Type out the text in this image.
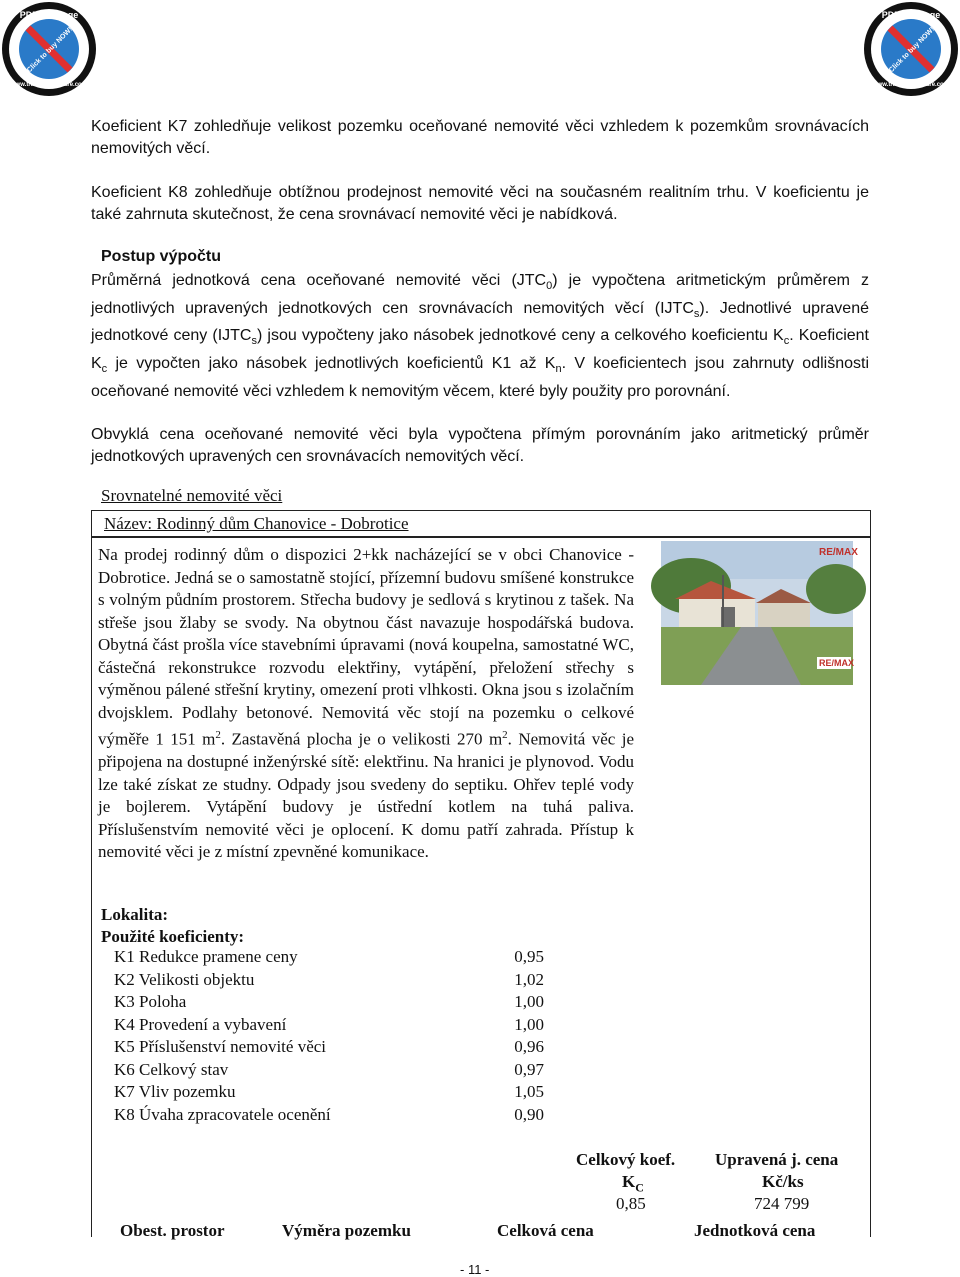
PDF-Xchange
Click to buy NOW!
www.tracker-software.com
PDF-Xchange
Click to buy NOW!
www.tracker-software.com

Koeficient K7 zohledňuje velikost pozemku oceňované nemovité věci vzhledem k pozemkům srovnávacích nemovitých věcí.

Koeficient K8 zohledňuje obtížnou prodejnost nemovité věci na současném realitním trhu. V koeficientu je také zahrnuta skutečnost, že cena srovnávací nemovité věci je nabídková.

Postup výpočtu

Průměrná jednotková cena oceňované nemovité věci $(JTC_0)$ je vypočtena aritmetickým průměrem z jednotlivých upravených jednotkových cen srovnávacích nemovitých věcí $(IJTC_s)$. Jednotlivé upravené jednotkové ceny $(IJTC_s)$ jsou vypočteny jako násobek jednotkové ceny a celkového koeficientu $K_c$. Koeficient $K_c$ je vypočten jako násobek jednotlivých koeficientů K1 až $K_n$. V koeficientech jsou zahrnuty odlišnosti oceňované nemovité věci vzhledem k nemovitým věcem, které byly použity pro porovnání.

Obvyklá cena oceňované nemovité věci byla vypočtena přímým porovnáním jako aritmetický průměr jednotkových upravených cen srovnávacích nemovitých věcí.

Srovnatelné nemovité věci
Název: Rodinný dům Chanovice - Dobrotice

Na prodej rodinný dům o dispozici 2+kk nacházející se v obci Chanovice - Dobrotice. Jedná se o samostatně stojící, přízemní budovu smíšené konstrukce s volným půdním prostorem. Střecha budovy je sedlová s krytinou z tašek. Na střeše jsou žlaby se svody. Na obytnou část navazuje hospodářská budova. Obytná část prošla více stavebními úpravami (nová koupelna, samostatné WC, částečná rekonstrukce rozvodu elektřiny, vytápění, přeložení střechy s výměnou pálené střešní krytiny, omezení proti vlhkosti. Okna jsou s izolačním dvojsklem. Podlahy betonové. Nemovitá věc stojí na pozemku o celkové výměře 1 151 $m^2$. Zastavěná plocha je o velikosti 270 $m^2$. Nemovitá věc je připojena na dostupné inženýrské sítě: elektřinu. Na hranici je plynovod. Vodu lze také získat ze studny. Odpady jsou svedeny do septiku. Ohřev teplé vody je bojlerem. Vytápění budovy je ústřední kotlem na tuhá paliva. Příslušenstvím nemovité věci je oplocení. K domu patří zahrada. Přístup k nemovité věci je z místní zpevněné komunikace.

RE/MAX
RE/MAX
Lokalita:
Použité koeficienty:
K1 Redukce pramene ceny	0,95
K2 Velikosti objektu	1,02
K3 Poloha	1,00
K4 Provedení a vybavení	1,00
K5 Příslušenství nemovité věci	0,96
K6 Celkový stav	0,97
K7 Vliv pozemku	1,05
K8 Úvaha zpracovatele ocenění	0,90
Celkový koef.
$K_C$
0,85
Upravená j. cena
Kč/ks
724 799
Obest. prostor	Výměra pozemku	Celková cena	Jednotková cena
- 11 -
